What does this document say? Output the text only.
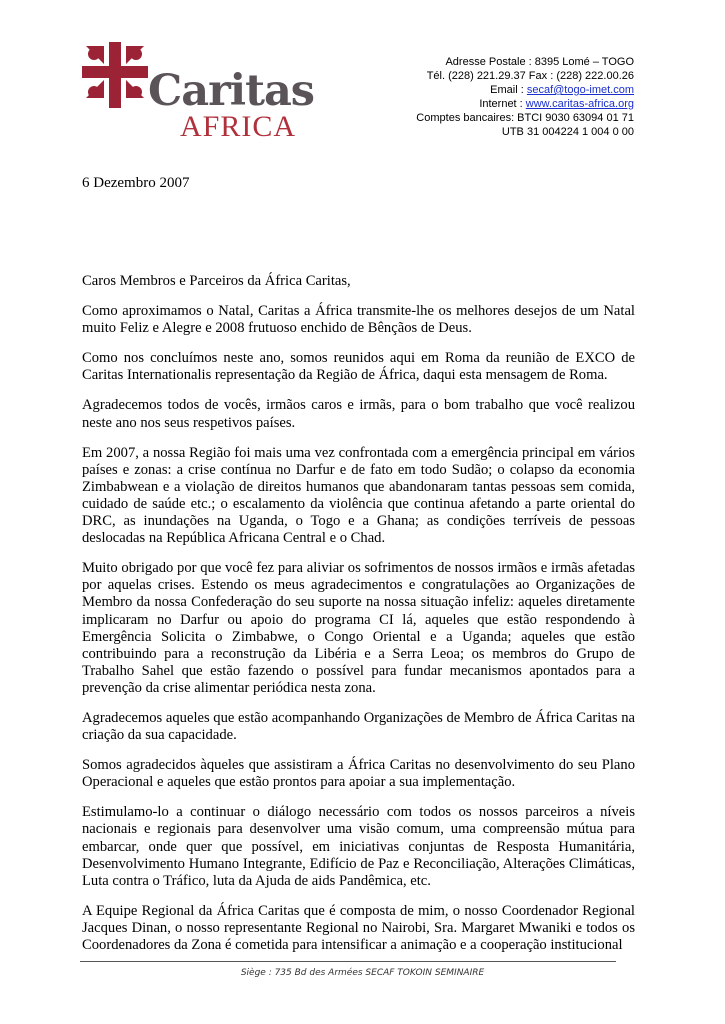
Caritas
AFRICA
Adresse Postale : 8395 Lomé – TOGO
Tél. (228) 221.29.37 Fax : (228) 222.00.26
Email : secaf@togo-imet.com
Internet : www.caritas-africa.org
Comptes bancaires: BTCI 9030 63094 01 71
UTB 31 004224 1 004 0 00
6 Dezembro 2007

Caros Membros e Parceiros da África Caritas,

Como aproximamos o Natal, Caritas a África transmite-lhe os melhores desejos de um Natal muito Feliz e Alegre e 2008 frutuoso enchido de Bênçãos de Deus.

Como nos concluímos neste ano, somos reunidos aqui em Roma da reunião de EXCO de Caritas Internationalis representação da Região de África, daqui esta mensagem de Roma.

Agradecemos todos de vocês, irmãos caros e irmãs, para o bom trabalho que você realizou neste ano nos seus respetivos países.

Em 2007, a nossa Região foi mais uma vez confrontada com a emergência principal em vários países e zonas: a crise contínua no Darfur e de fato em todo Sudão; o colapso da economia Zimbabwean e a violação de direitos humanos que abandonaram tantas pessoas sem comida, cuidado de saúde etc.; o escalamento da violência que continua afetando a parte oriental do DRC, as inundações na Uganda, o Togo e a Ghana; as condições terríveis de pessoas deslocadas na República Africana Central e o Chad.

Muito obrigado por que você fez para aliviar os sofrimentos de nossos irmãos e irmãs afetadas por aquelas crises. Estendo os meus agradecimentos e congratulações ao Organizações de Membro da nossa Confederação do seu suporte na nossa situação infeliz: aqueles diretamente implicaram no Darfur ou apoio do programa CI lá, aqueles que estão respondendo à Emergência Solicita o Zimbabwe, o Congo Oriental e a Uganda; aqueles que estão contribuindo para a reconstrução da Libéria e a Serra Leoa; os membros do Grupo de Trabalho Sahel que estão fazendo o possível para fundar mecanismos apontados para a prevenção da crise alimentar periódica nesta zona.

Agradecemos aqueles que estão acompanhando Organizações de Membro de África Caritas na criação da sua capacidade.

Somos agradecidos àqueles que assistiram a África Caritas no desenvolvimento do seu Plano Operacional e aqueles que estão prontos para apoiar a sua implementação.

Estimulamo-lo a continuar o diálogo necessário com todos os nossos parceiros a níveis nacionais e regionais para desenvolver uma visão comum, uma compreensão mútua para embarcar, onde quer que possível, em iniciativas conjuntas de Resposta Humanitária, Desenvolvimento Humano Integrante, Edifício de Paz e Reconciliação, Alterações Climáticas, Luta contra o Tráfico, luta da Ajuda de aids Pandêmica, etc.

A Equipe Regional da África Caritas que é composta de mim, o nosso Coordenador Regional Jacques Dinan, o nosso representante Regional no Nairobi, Sra. Margaret Mwaniki e todos os Coordenadores da Zona é cometida para intensificar a animação e a cooperação institucional

Siège : 735 Bd des Armées SECAF TOKOIN SEMINAIRE
